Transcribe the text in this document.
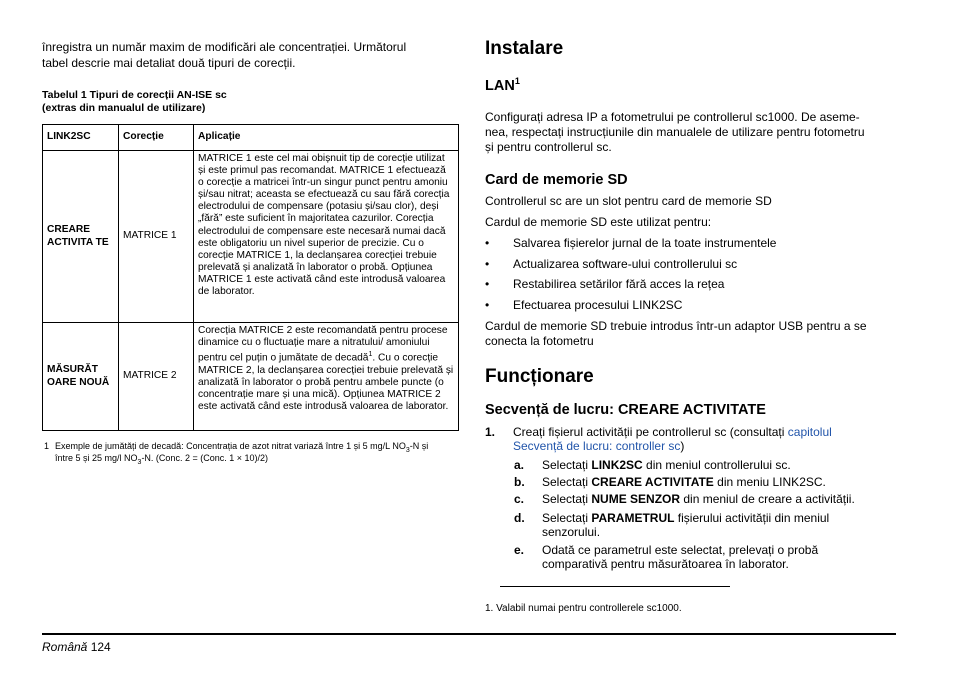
înregistra un număr maxim de modificări ale concentrației. Următorul
tabel descrie mai detaliat două tipuri de corecții.
Tabelul 1 Tipuri de corecții AN-ISE sc
(extras din manualul de utilizare)
LINK2SC	Corecție	Aplicație
CREARE ACTIVITA TE	MATRICE 1	MATRICE 1 este cel mai obișnuit tip de corecție utilizat și este primul pas recomandat. MATRICE 1 efectuează o corecție a matricei într-un singur punct pentru amoniu și/sau nitrat; aceasta se efectuează cu sau fără corecția electrodului de compensare (potasiu și/sau clor), deși „fără” este suficient în majoritatea cazurilor. Corecția electrodului de compensare este necesară numai dacă este obligatoriu un nivel superior de precizie. Cu o corecție MATRICE 1, la declanșarea corecției trebuie prelevată și analizată în laborator o probă. Opțiunea MATRICE 1 este activată când este introdusă valoarea de laborator.
MĂSURĂT OARE NOUĂ	MATRICE 2	Corecția MATRICE 2 este recomandată pentru procese dinamice cu o fluctuație mare a nitratului/ amoniului pentru cel puțin o jumătate de decadă$^1$. Cu o corecție MATRICE 2, la declanșarea corecției trebuie prelevată și analizată în laborator o probă pentru ambele puncte (o concentrație mare și una mică). Opțiunea MATRICE 2 este activată când este introdusă valoarea de laborator.
1 Exemple de jumătăți de decadă: Concentrația de azot nitrat variază între 1 și 5 mg/L $NO_3-N$ și
între 5 și 25 mg/l $NO_3-N$. (Conc. 2 = (Conc. 1 × 10)/2)
Instalare
LAN$^1$
Configurați adresa IP a fotometrului pe controllerul sc1000. De aseme-
nea, respectați instrucțiunile din manualele de utilizare pentru fotometru
și pentru controllerul sc.
Card de memorie SD
Controllerul sc are un slot pentru card de memorie SD
Cardul de memorie SD este utilizat pentru:
• Salvarea fișierelor jurnal de la toate instrumentele
• Actualizarea software-ului controllerului sc
• Restabilirea setărilor fără acces la rețea
• Efectuarea procesului LINK2SC
Cardul de memorie SD trebuie introdus într-un adaptor USB pentru a se
conecta la fotometru
Funcționare
Secvență de lucru: CREARE ACTIVITATE
1. Creați fișierul activității pe controllerul sc (consultați capitolul
Secvență de lucru: controller sc)
a. Selectați LINK2SC din meniul controllerului sc.
b. Selectați CREARE ACTIVITATE din meniu LINK2SC.
c. Selectați NUME SENZOR din meniul de creare a activității.
d. Selectați PARAMETRUL fișierului activității din meniul
senzorului.
e. Odată ce parametrul este selectat, prelevați o probă
comparativă pentru măsurătoarea în laborator.
1. Valabil numai pentru controllerele sc1000.
Română 124
